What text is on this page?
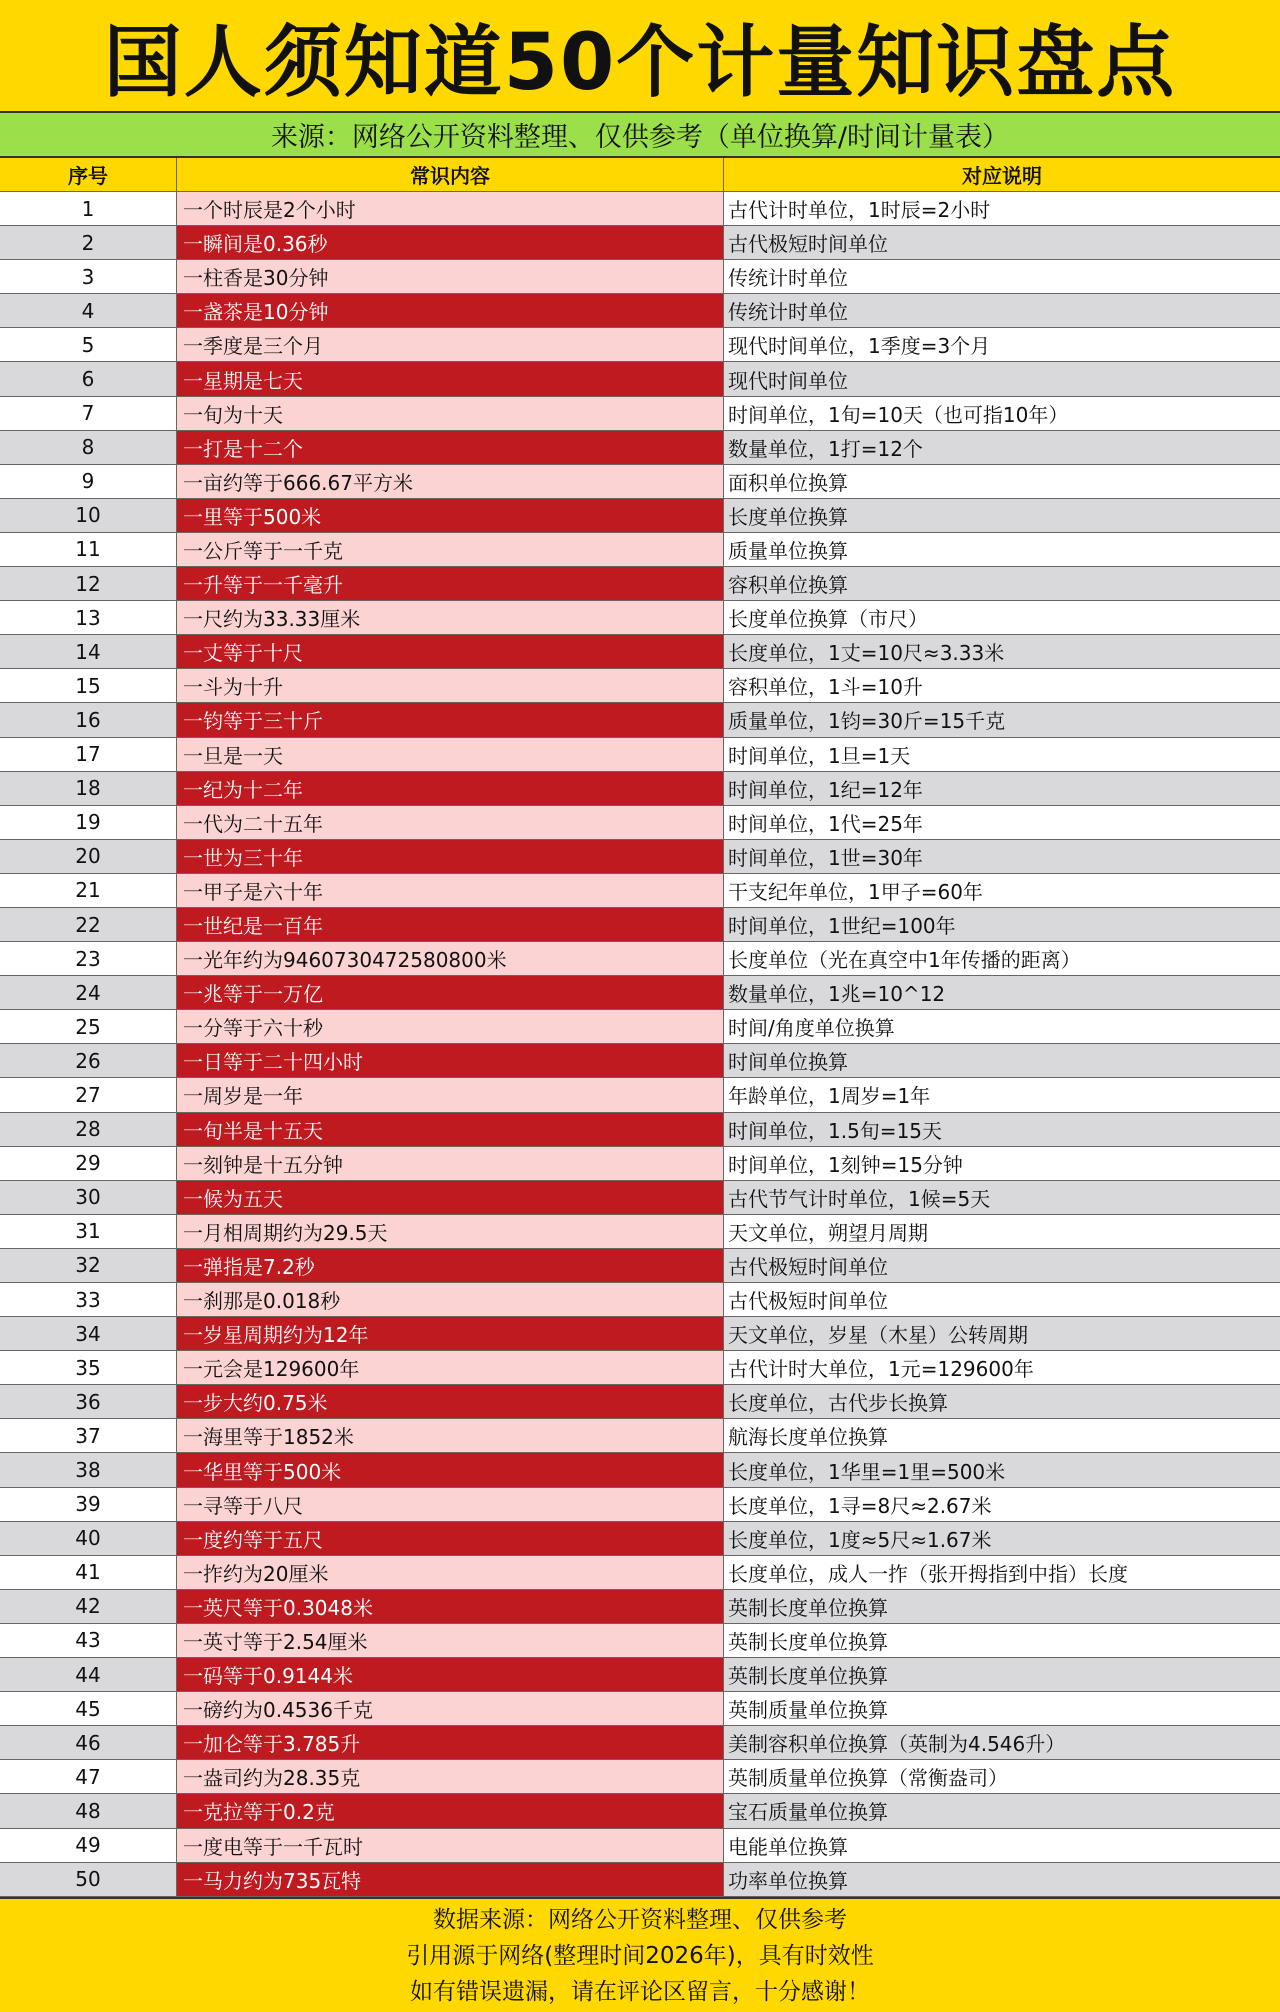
国人须知道50个计量知识盘点
来源：网络公开资料整理、仅供参考（单位换算/时间计量表）
序号	常识内容	对应说明
1	一个时辰是2个小时	古代计时单位，1时辰=2小时
2	一瞬间是0.36秒	古代极短时间单位
3	一柱香是30分钟	传统计时单位
4	一盏茶是10分钟	传统计时单位
5	一季度是三个月	现代时间单位，1季度=3个月
6	一星期是七天	现代时间单位
7	一旬为十天	时间单位，1旬=10天（也可指10年）
8	一打是十二个	数量单位，1打=12个
9	一亩约等于666.67平方米	面积单位换算
10	一里等于500米	长度单位换算
11	一公斤等于一千克	质量单位换算
12	一升等于一千毫升	容积单位换算
13	一尺约为33.33厘米	长度单位换算（市尺）
14	一丈等于十尺	长度单位，1丈=10尺≈3.33米
15	一斗为十升	容积单位，1斗=10升
16	一钧等于三十斤	质量单位，1钧=30斤=15千克
17	一旦是一天	时间单位，1旦=1天
18	一纪为十二年	时间单位，1纪=12年
19	一代为二十五年	时间单位，1代=25年
20	一世为三十年	时间单位，1世=30年
21	一甲子是六十年	干支纪年单位，1甲子=60年
22	一世纪是一百年	时间单位，1世纪=100年
23	一光年约为9460730472580800米	长度单位（光在真空中1年传播的距离）
24	一兆等于一万亿	数量单位，1兆=10^12
25	一分等于六十秒	时间/角度单位换算
26	一日等于二十四小时	时间单位换算
27	一周岁是一年	年龄单位，1周岁=1年
28	一旬半是十五天	时间单位，1.5旬=15天
29	一刻钟是十五分钟	时间单位，1刻钟=15分钟
30	一候为五天	古代节气计时单位，1候=5天
31	一月相周期约为29.5天	天文单位，朔望月周期
32	一弹指是7.2秒	古代极短时间单位
33	一刹那是0.018秒	古代极短时间单位
34	一岁星周期约为12年	天文单位，岁星（木星）公转周期
35	一元会是129600年	古代计时大单位，1元=129600年
36	一步大约0.75米	长度单位，古代步长换算
37	一海里等于1852米	航海长度单位换算
38	一华里等于500米	长度单位，1华里=1里=500米
39	一寻等于八尺	长度单位，1寻=8尺≈2.67米
40	一度约等于五尺	长度单位，1度≈5尺≈1.67米
41	一拃约为20厘米	长度单位，成人一拃（张开拇指到中指）长度
42	一英尺等于0.3048米	英制长度单位换算
43	一英寸等于2.54厘米	英制长度单位换算
44	一码等于0.9144米	英制长度单位换算
45	一磅约为0.4536千克	英制质量单位换算
46	一加仑等于3.785升	美制容积单位换算（英制为4.546升）
47	一盎司约为28.35克	英制质量单位换算（常衡盎司）
48	一克拉等于0.2克	宝石质量单位换算
49	一度电等于一千瓦时	电能单位换算
50	一马力约为735瓦特	功率单位换算
数据来源：网络公开资料整理、仅供参考
引用源于网络(整理时间2026年)，具有时效性
如有错误遗漏，请在评论区留言，十分感谢！
